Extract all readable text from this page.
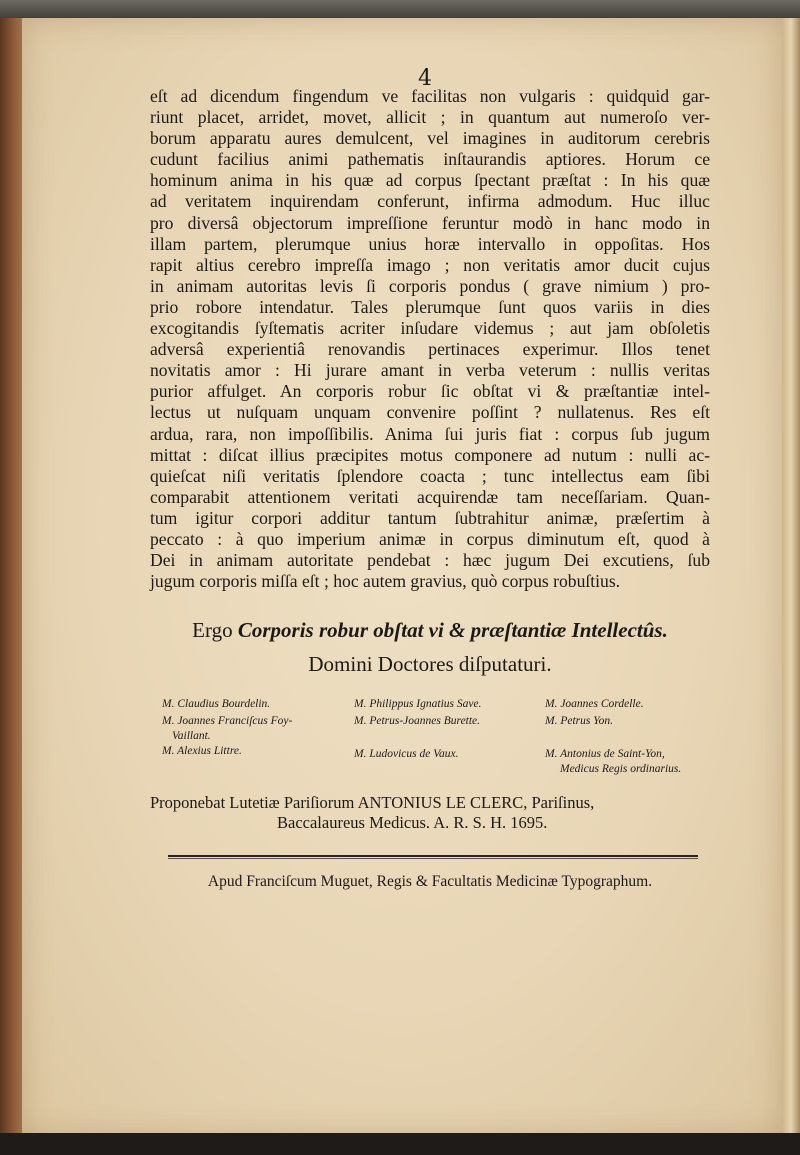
4
eſt ad dicendum fingendum ve facilitas non vulgaris : quidquid gar-
riunt placet, arridet, movet, allicit ; in quantum aut numeroſo ver-
borum apparatu aures demulcent, vel imagines in auditorum cerebris
cudunt facilius animi pathematis inſtaurandis aptiores. Horum ce
hominum anima in his quæ ad corpus ſpectant præſtat : In his quæ
ad veritatem inquirendam conferunt, infirma admodum. Huc illuc
pro diversâ objectorum impreſſione feruntur modò in hanc modo in
illam partem, plerumque unius horæ intervallo in oppoſitas. Hos
rapit altius cerebro impreſſa imago ; non veritatis amor ducit cujus
in animam autoritas levis ſi corporis pondus ( grave nimium ) pro-
prio robore intendatur. Tales plerumque ſunt quos variis in dies
excogitandis ſyſtematis acriter inſudare videmus ; aut jam obſoletis
adversâ experientiâ renovandis pertinaces experimur. Illos tenet
novitatis amor : Hi jurare amant in verba veterum : nullis veritas
purior affulget. An corporis robur ſic obſtat vi & præſtantiæ intel-
lectus ut nuſquam unquam convenire poſſint ? nullatenus. Res eſt
ardua, rara, non impoſſibilis. Anima ſui juris fiat : corpus ſub jugum
mittat : diſcat illius præcipites motus componere ad nutum : nulli ac-
quieſcat niſi veritatis ſplendore coacta ; tunc intellectus eam ſibi
comparabit attentionem veritati acquirendæ tam neceſſariam. Quan-
tum igitur corpori additur tantum ſubtrahitur animæ, præſertim à
peccato : à quo imperium animæ in corpus diminutum eſt, quod à
Dei in animam autoritate pendebat : hæc jugum Dei excutiens, ſub
jugum corporis miſſa eſt ; hoc autem gravius, quò corpus robuſtius.
Ergo Corporis robur obſtat vi & præſtantiæ Intellectûs.
Domini Doctores diſputaturi.
M. Claudius Bourdelin.	M. Philippus Ignatius Save.	M. Joannes Cordelle.
M. Joannes Franciſcus Foy-	M. Petrus-Joannes Burette.	M. Petrus Yon.
Vaillant.
M. Alexius Littre.	M. Ludovicus de Vaux.	M. Antonius de Saint-Yon,
Medicus Regis ordinarius.
Proponebat Lutetiæ Pariſiorum ANTONIUS LE CLERC, Pariſinus,
Baccalaureus Medicus. A. R. S. H. 1695.
Apud Franciſcum Muguet, Regis & Facultatis Medicinæ Typographum.
